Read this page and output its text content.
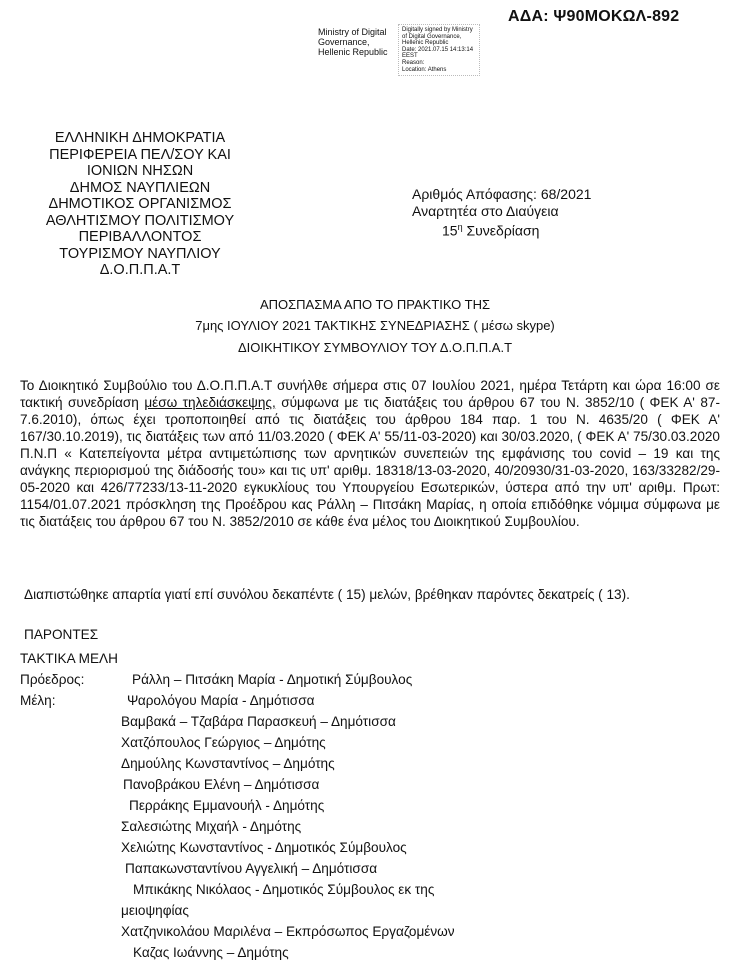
ΑΔΑ: Ψ90ΜΟΚΩΛ-892
Ministry of Digital
Governance,
Hellenic Republic
Digitally signed by Ministry
of Digital Governance,
Hellenic Republic
Date: 2021.07.15 14:13:14
EEST
Reason:
Location: Athens
ΕΛΛΗΝΙΚΗ ΔΗΜΟΚΡΑΤΙΑ
ΠΕΡΙΦΕΡΕΙΑ ΠΕΛ/ΣΟΥ ΚΑΙ
ΙΟΝΙΩΝ ΝΗΣΩΝ
ΔΗΜΟΣ ΝΑΥΠΛΙΕΩΝ
ΔΗΜΟΤΙΚΟΣ ΟΡΓΑΝΙΣΜΟΣ
ΑΘΛΗΤΙΣΜΟΥ ΠΟΛΙΤΙΣΜΟΥ
ΠΕΡΙΒΑΛΛΟΝΤΟΣ
ΤΟΥΡΙΣΜΟΥ ΝΑΥΠΛΙΟΥ
Δ.Ο.Π.Π.Α.Τ
Αριθμός Απόφασης: 68/2021
Αναρτητέα στο Διαύγεια
$15^\eta$ Συνεδρίαση
ΑΠΟΣΠΑΣΜΑ ΑΠΟ ΤΟ ΠΡΑΚΤΙΚΟ ΤΗΣ
7μης ΙΟΥΛΙΟΥ 2021 ΤΑΚΤΙΚΗΣ ΣΥΝΕΔΡΙΑΣΗΣ ( μέσω skype)
ΔΙΟΙΚΗΤΙΚΟΥ ΣΥΜΒΟΥΛΙΟΥ ΤΟΥ Δ.Ο.Π.Π.Α.Τ
Το Διοικητικό Συμβούλιο του Δ.Ο.Π.Π.Α.Τ συνήλθε σήμερα στις 07 Ιουλίου 2021, ημέρα Τετάρτη και ώρα 16:00 σε τακτική συνεδρίαση μέσω τηλεδιάσκεψης, σύμφωνα με τις διατάξεις του άρθρου 67 του Ν. 3852/10 ( ΦΕΚ Α' 87-7.6.2010), όπως έχει τροποποιηθεί από τις διατάξεις του άρθρου 184 παρ. 1 του Ν. 4635/20 ( ΦΕΚ Α' 167/30.10.2019), τις διατάξεις των από 11/03.2020 ( ΦΕΚ Α' 55/11-03-2020) και 30/03.2020, ( ΦΕΚ Α' 75/30.03.2020 Π.Ν.Π « Κατεπείγοντα μέτρα αντιμετώπισης των αρνητικών συνεπειών της εμφάνισης του covid – 19 και της ανάγκης περιορισμού της διάδοσής του» και τις υπ' αριθμ. 18318/13-03-2020, 40/20930/31-03-2020, 163/33282/29-05-2020 και 426/77233/13-11-2020 εγκυκλίους του Υπουργείου Εσωτερικών, ύστερα από την υπ' αριθμ. Πρωτ: 1154/01.07.2021 πρόσκληση της Προέδρου κας Ράλλη – Πιτσάκη Μαρίας, η οποία επιδόθηκε νόμιμα σύμφωνα με τις διατάξεις του άρθρου 67 του Ν. 3852/2010 σε κάθε ένα μέλος του Διοικητικού Συμβουλίου.
Διαπιστώθηκε απαρτία γιατί επί συνόλου δεκαπέντε ( 15) μελών, βρέθηκαν παρόντες δεκατρείς ( 13).
ΠΑΡΟΝΤΕΣ
ΤΑΚΤΙΚΑ ΜΕΛΗ
Πρόεδρος:	Ράλλη – Πιτσάκη Μαρία - Δημοτική Σύμβουλος
Μέλη:	Ψαρολόγου Μαρία - Δημότισσα
Βαμβακά – Τζαβάρα Παρασκευή – Δημότισσα
Χατζόπουλος Γεώργιος – Δημότης
Δημούλης Κωνσταντίνος – Δημότης
Πανοβράκου Ελένη – Δημότισσα
Περράκης Εμμανουήλ - Δημότης
Σαλεσιώτης Μιχαήλ - Δημότης
Χελιώτης Κωνσταντίνος - Δημοτικός Σύμβουλος
Παπακωνσταντίνου Αγγελική – Δημότισσα
Μπικάκης Νικόλαος - Δημοτικός Σύμβουλος εκ της
μειοψηφίας
Χατζηνικολάου Μαριλένα – Εκπρόσωπος Εργαζομένων
Καζας Ιωάννης – Δημότης
